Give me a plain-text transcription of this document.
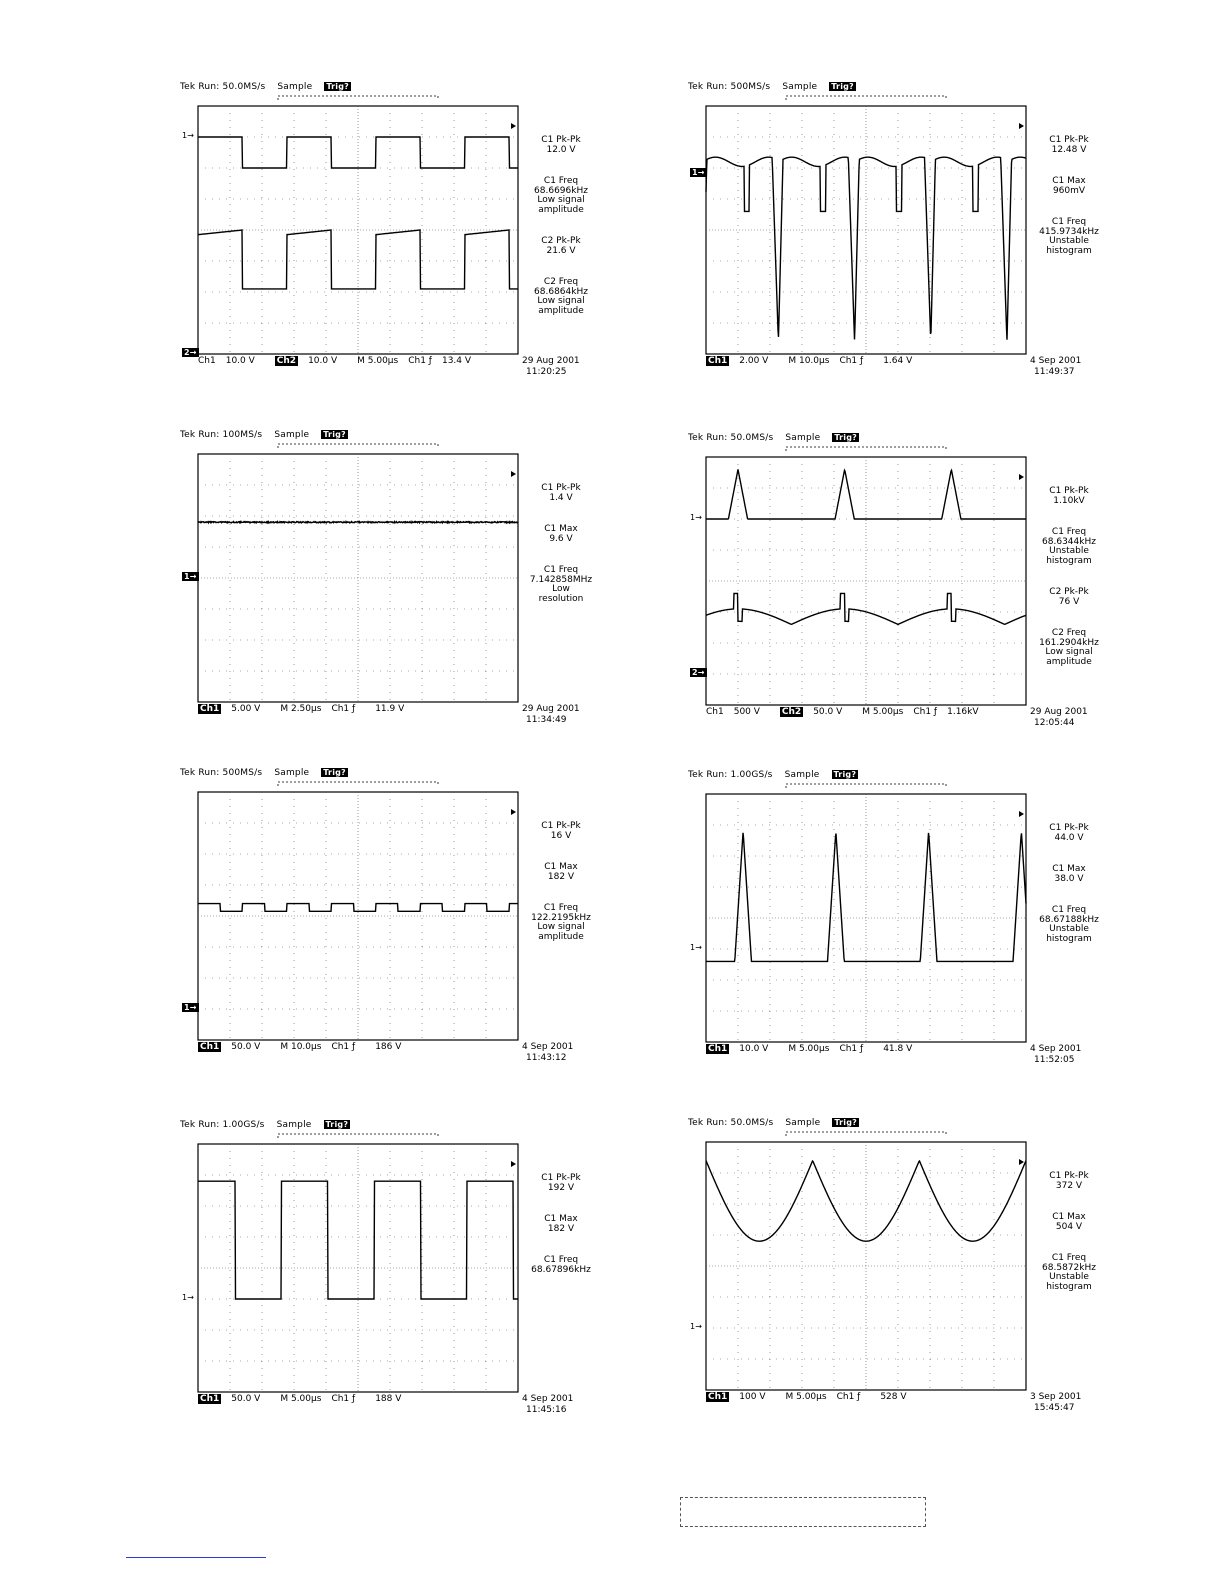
Tek Run: 50.0MS/s Sample Trig?
1→
2→
C1 Pk-Pk
12.0 V
C1 Freq
68.6696kHz
Low signal
amplitude
C2 Pk-Pk
21.6 V
C2 Freq
68.6864kHz
Low signal
amplitude
Ch1 10.0 V Ch2 10.0 V M 5.00µs Ch1 ƒ 13.4 V	29 Aug 2001
11:20:25
Tek Run: 500MS/s Sample Trig?
1→
C1 Pk-Pk
12.48 V
C1 Max
960mV
C1 Freq
415.9734kHz
Unstable
histogram
Ch1 2.00 V M 10.0µs Ch1 ƒ 1.64 V	4 Sep 2001
11:49:37
Tek Run: 100MS/s Sample Trig?
1→
C1 Pk-Pk
1.4 V
C1 Max
9.6 V
C1 Freq
7.142858MHz
Low
resolution
Ch1 5.00 V M 2.50µs Ch1 ƒ 11.9 V	29 Aug 2001
11:34:49
Tek Run: 50.0MS/s Sample Trig?
1→
2→
C1 Pk-Pk
1.10kV
C1 Freq
68.6344kHz
Unstable
histogram
C2 Pk-Pk
76 V
C2 Freq
161.2904kHz
Low signal
amplitude
Ch1 500 V Ch2 50.0 V M 5.00µs Ch1 ƒ 1.16kV	29 Aug 2001
12:05:44
Tek Run: 500MS/s Sample Trig?
1→
C1 Pk-Pk
16 V
C1 Max
182 V
C1 Freq
122.2195kHz
Low signal
amplitude
Ch1 50.0 V M 10.0µs Ch1 ƒ 186 V	4 Sep 2001
11:43:12
Tek Run: 1.00GS/s Sample Trig?
1→
C1 Pk-Pk
44.0 V
C1 Max
38.0 V
C1 Freq
68.67188kHz
Unstable
histogram
Ch1 10.0 V M 5.00µs Ch1 ƒ 41.8 V	4 Sep 2001
11:52:05
Tek Run: 1.00GS/s Sample Trig?
1→
C1 Pk-Pk
192 V
C1 Max
182 V
C1 Freq
68.67896kHz
Ch1 50.0 V M 5.00µs Ch1 ƒ 188 V	4 Sep 2001
11:45:16
Tek Run: 50.0MS/s Sample Trig?
1→
C1 Pk-Pk
372 V
C1 Max
504 V
C1 Freq
68.5872kHz
Unstable
histogram
Ch1 100 V M 5.00µs Ch1 ƒ 528 V	3 Sep 2001
15:45:47
